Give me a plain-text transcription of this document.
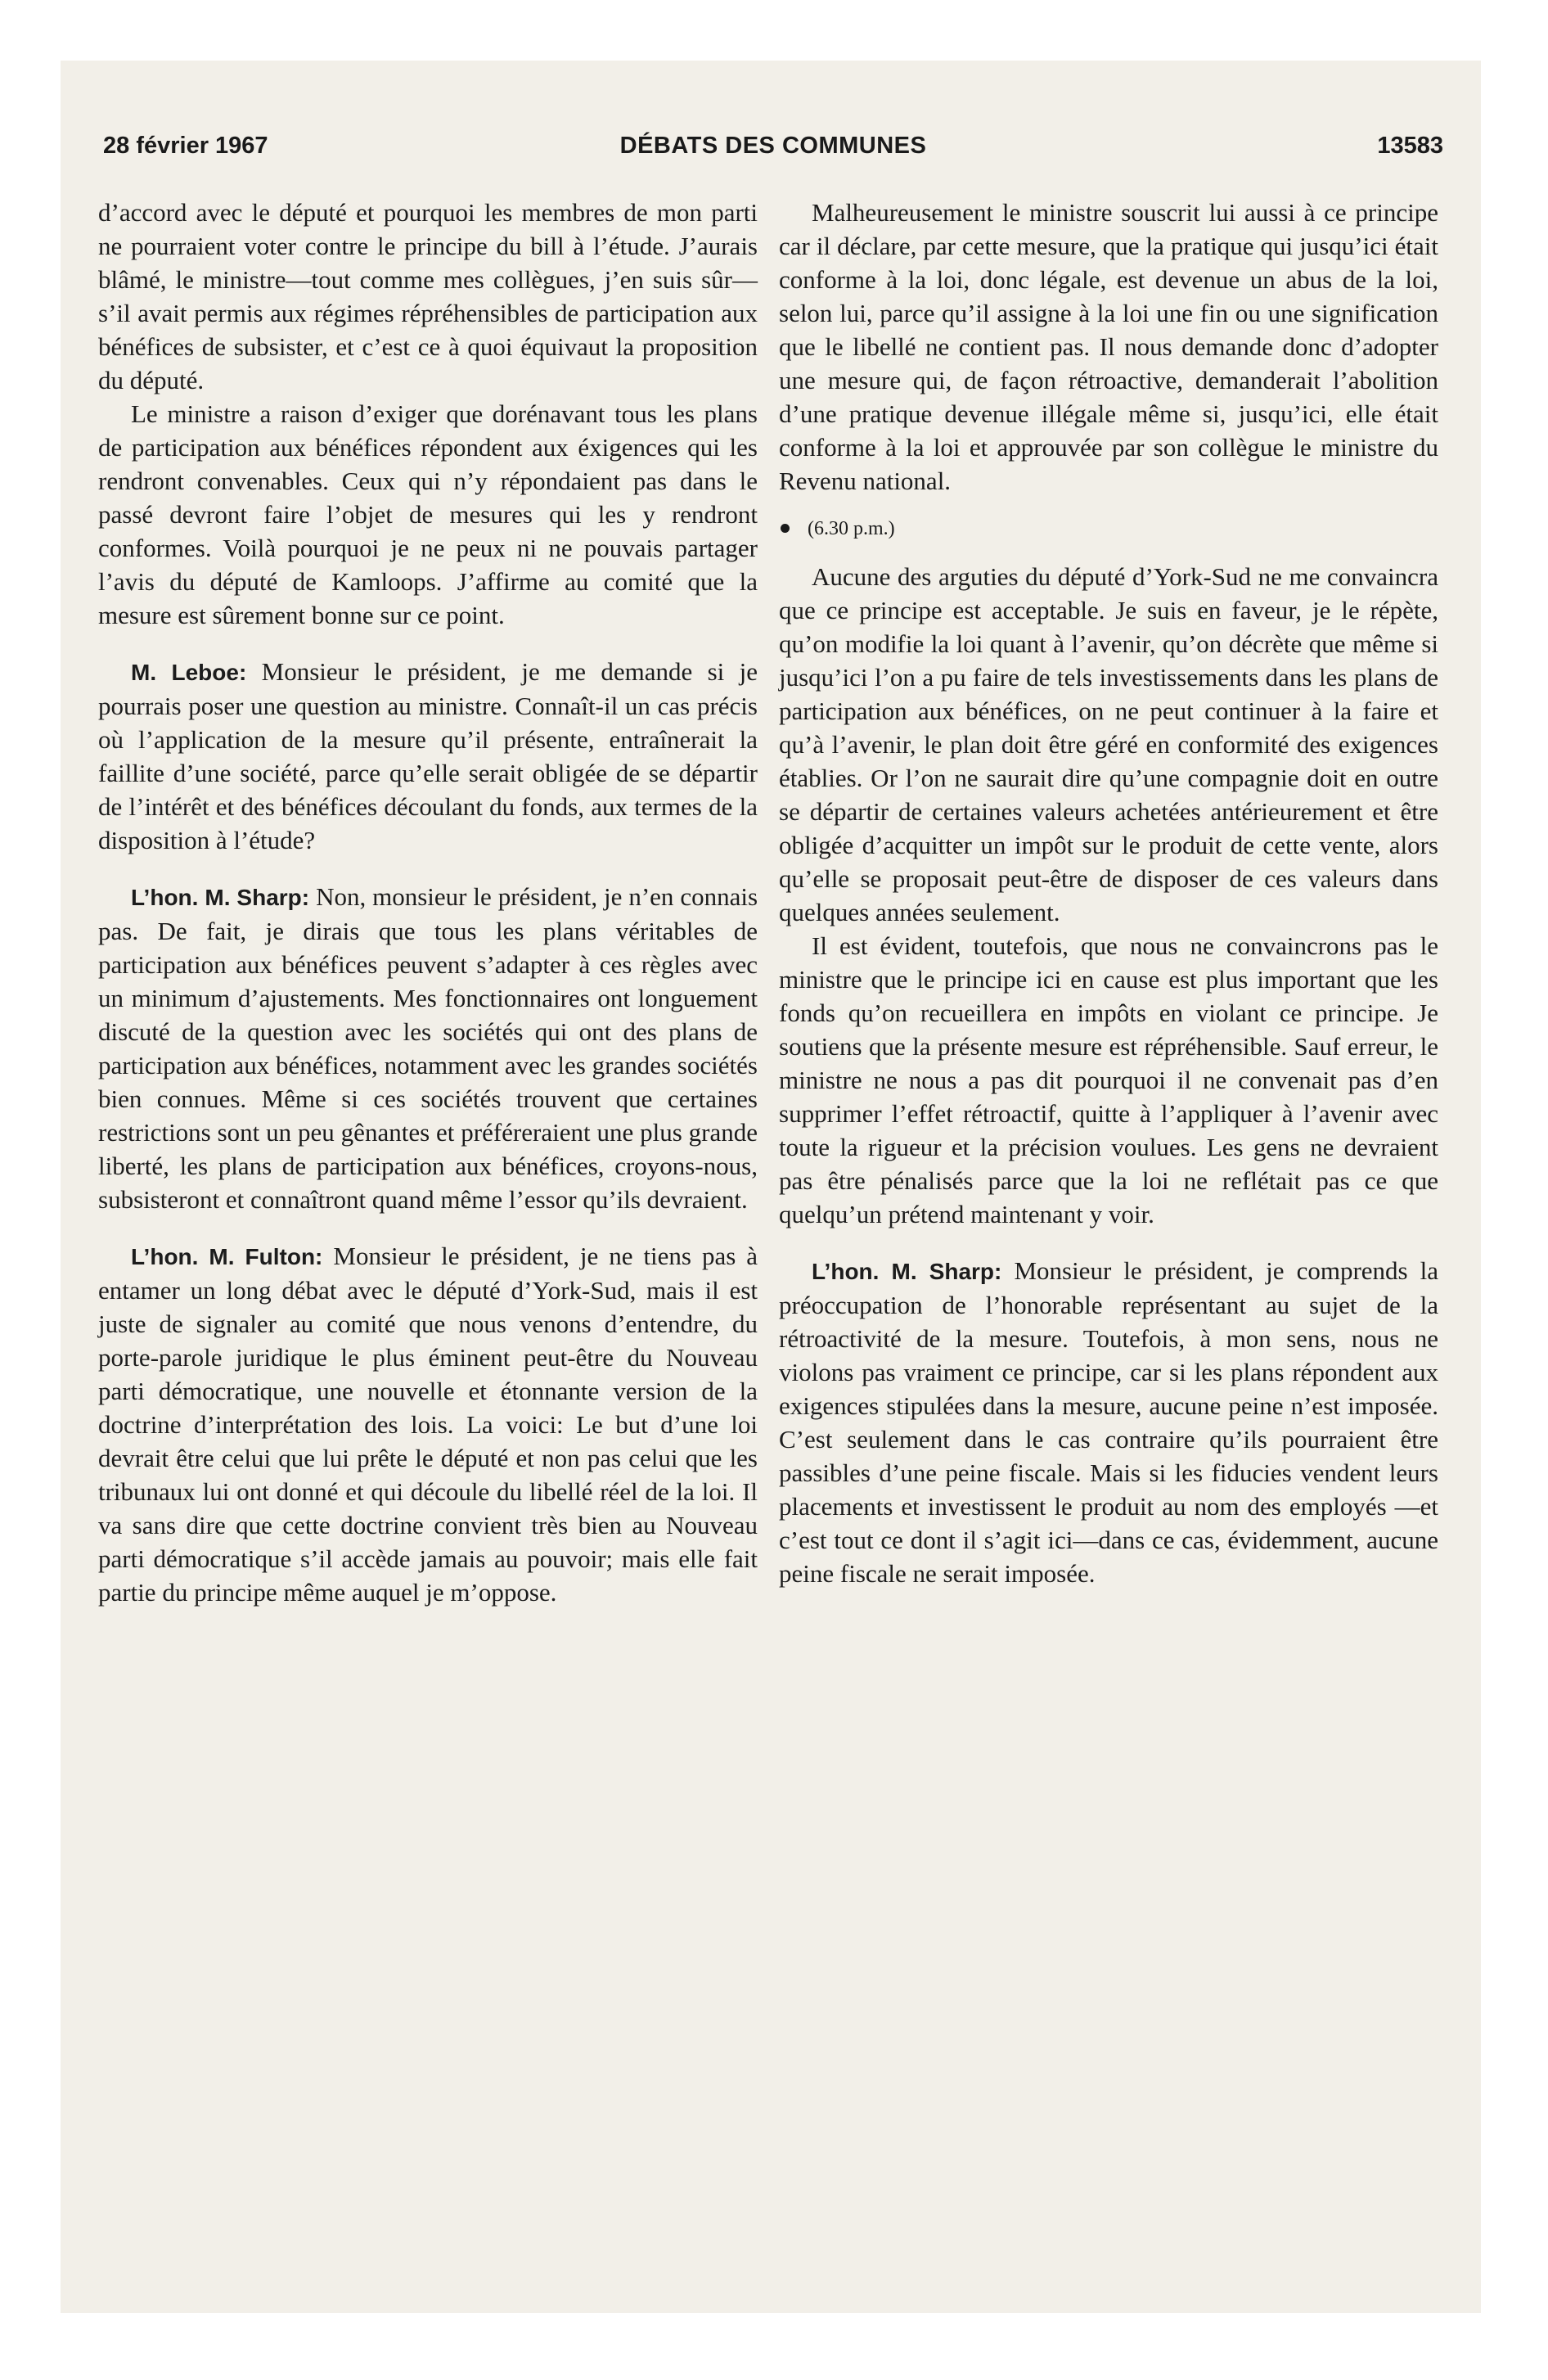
28 février 1967	DÉBATS DES COMMUNES	13583

d’accord avec le député et pourquoi les membres de mon parti ne pourraient voter contre le principe du bill à l’étude. J’aurais blâmé, le ministre—tout comme mes collègues, j’en suis sûr—s’il avait permis aux régimes répréhensibles de participation aux bénéfices de subsister, et c’est ce à quoi équivaut la proposition du député.

Le ministre a raison d’exiger que dorénavant tous les plans de participation aux bénéfices répondent aux éxigences qui les rendront convenables. Ceux qui n’y répondaient pas dans le passé devront faire l’objet de mesures qui les y rendront conformes. Voilà pourquoi je ne peux ni ne pouvais partager l’avis du député de Kamloops. J’affirme au comité que la mesure est sûrement bonne sur ce point.

M. Leboe: Monsieur le président, je me demande si je pourrais poser une question au ministre. Connaît-il un cas précis où l’application de la mesure qu’il présente, entraînerait la faillite d’une société, parce qu’elle serait obligée de se départir de l’intérêt et des bénéfices découlant du fonds, aux termes de la disposition à l’étude?

L’hon. M. Sharp: Non, monsieur le président, je n’en connais pas. De fait, je dirais que tous les plans véritables de participation aux bénéfices peuvent s’adapter à ces règles avec un minimum d’ajustements. Mes fonctionnaires ont longuement discuté de la question avec les sociétés qui ont des plans de participation aux bénéfices, notamment avec les grandes sociétés bien connues. Même si ces sociétés trouvent que certaines restrictions sont un peu gênantes et préféreraient une plus grande liberté, les plans de participation aux bénéfices, croyons-nous, subsisteront et connaîtront quand même l’essor qu’ils devraient.

L’hon. M. Fulton: Monsieur le président, je ne tiens pas à entamer un long débat avec le député d’York-Sud, mais il est juste de signaler au comité que nous venons d’entendre, du porte-parole juridique le plus éminent peut-être du Nouveau parti démocratique, une nouvelle et étonnante version de la doctrine d’interprétation des lois. La voici: Le but d’une loi devrait être celui que lui prête le député et non pas celui que les tribunaux lui ont donné et qui découle du libellé réel de la loi. Il va sans dire que cette doctrine convient très bien au Nouveau parti démocratique s’il accède jamais au pouvoir; mais elle fait partie du principe même auquel je m’oppose.

Malheureusement le ministre souscrit lui aussi à ce principe car il déclare, par cette mesure, que la pratique qui jusqu’ici était conforme à la loi, donc légale, est devenue un abus de la loi, selon lui, parce qu’il assigne à la loi une fin ou une signification que le libellé ne contient pas. Il nous demande donc d’adopter une mesure qui, de façon rétroactive, demanderait l’abolition d’une pratique devenue illégale même si, jusqu’ici, elle était conforme à la loi et approuvée par son collègue le ministre du Revenu national.

(6.30 p.m.)

Aucune des arguties du député d’York-Sud ne me convaincra que ce principe est acceptable. Je suis en faveur, je le répète, qu’on modifie la loi quant à l’avenir, qu’on décrète que même si jusqu’ici l’on a pu faire de tels investissements dans les plans de participation aux bénéfices, on ne peut continuer à la faire et qu’à l’avenir, le plan doit être géré en conformité des exigences établies. Or l’on ne saurait dire qu’une compagnie doit en outre se départir de certaines valeurs achetées antérieurement et être obligée d’acquitter un impôt sur le produit de cette vente, alors qu’elle se proposait peut-être de disposer de ces valeurs dans quelques années seulement.

Il est évident, toutefois, que nous ne convaincrons pas le ministre que le principe ici en cause est plus important que les fonds qu’on recueillera en impôts en violant ce principe. Je soutiens que la présente mesure est répréhensible. Sauf erreur, le ministre ne nous a pas dit pourquoi il ne convenait pas d’en supprimer l’effet rétroactif, quitte à l’appliquer à l’avenir avec toute la rigueur et la précision voulues. Les gens ne devraient pas être pénalisés parce que la loi ne reflétait pas ce que quelqu’un prétend maintenant y voir.

L’hon. M. Sharp: Monsieur le président, je comprends la préoccupation de l’honorable représentant au sujet de la rétroactivité de la mesure. Toutefois, à mon sens, nous ne violons pas vraiment ce principe, car si les plans répondent aux exigences stipulées dans la mesure, aucune peine n’est imposée. C’est seulement dans le cas contraire qu’ils pourraient être passibles d’une peine fiscale. Mais si les fiducies vendent leurs placements et investissent le produit au nom des employés —et c’est tout ce dont il s’agit ici—dans ce cas, évidemment, aucune peine fiscale ne serait imposée.
